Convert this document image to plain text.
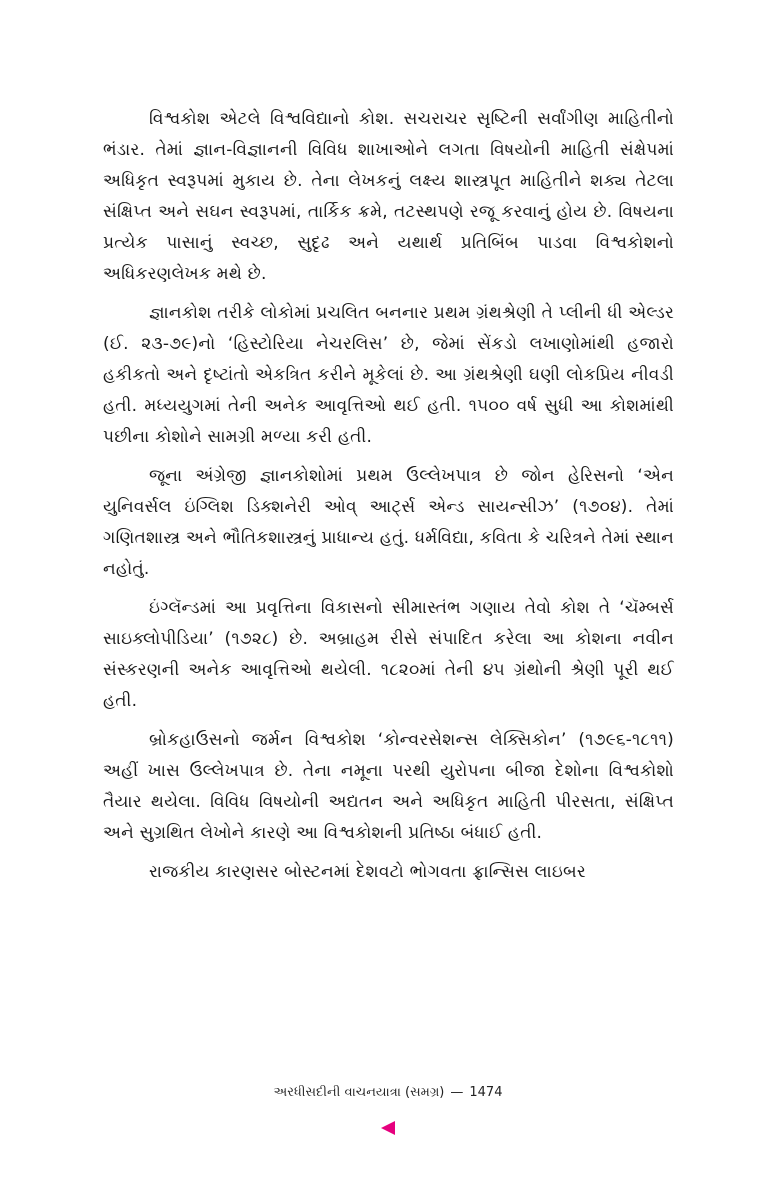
વિશ્વકોશ એટલે વિશ્વવિદ્યાનો કોશ. સચરાચર સૃષ્ટિની સર્વાંગીણ માહિતીનો ભંડાર. તેમાં જ્ઞાન-વિજ્ઞાનની વિવિધ શાખાઓને લગતા વિષયોની માહિતી સંક્ષેપમાં અધિકૃત સ્વરૂપમાં મુકાય છે. તેના લેખકનું લક્ષ્ય શાસ્ત્રપૂત માહિતીને શક્ય તેટલા સંક્ષિપ્ત અને સઘન સ્વરૂપમાં, તાર્કિક ક્રમે, તટસ્થપણે રજૂ કરવાનું હોય છે. વિષયના પ્રત્યેક પાસાનું સ્વચ્છ, સુદૃઢ અને યથાર્થ પ્રતિબિંબ પાડવા વિશ્વકોશનો અધિકરણલેખક મથે છે.

જ્ઞાનકોશ તરીકે લોકોમાં પ્રચલિત બનનાર પ્રથમ ગ્રંથશ્રેણી તે પ્લીની ધી એલ્ડર (ઈ. ૨૩-૭૯)નો ‘હિસ્ટોરિયા નેચરલિસ’ છે, જેમાં સેંકડો લખાણોમાંથી હજારો હકીકતો અને દૃષ્ટાંતો એકત્રિત કરીને મૂકેલાં છે. આ ગ્રંથશ્રેણી ઘણી લોકપ્રિય નીવડી હતી. મધ્યયુગમાં તેની અનેક આવૃત્તિઓ થઈ હતી. ૧૫૦૦ વર્ષ સુધી આ કોશમાંથી પછીના કોશોને સામગ્રી મળ્યા કરી હતી.

જૂના અંગ્રેજી જ્ઞાનકોશોમાં પ્રથમ ઉલ્લેખપાત્ર છે જોન હેરિસનો ‘એન યુનિવર્સલ ઇંગ્લિશ ડિક્શનેરી ઓવ્ આર્ટ્સ એન્ડ સાયન્સીઝ’ (૧૭૦૪). તેમાં ગણિતશાસ્ત્ર અને ભૌતિકશાસ્ત્રનું પ્રાધાન્ય હતું. ધર્મવિદ્યા, કવિતા કે ચરિત્રને તેમાં સ્થાન નહોતું.

ઇંગ્લૅન્ડમાં આ પ્રવૃત્તિના વિકાસનો સીમાસ્તંભ ગણાય તેવો કોશ તે ‘ચૅમ્બર્સ સાઇક્લોપીડિયા’ (૧૭૨૮) છે. અબ્રાહમ રીસે સંપાદિત કરેલા આ કોશના નવીન સંસ્કરણની અનેક આવૃત્તિઓ થયેલી. ૧૮૨૦માં તેની ૪૫ ગ્રંથોની શ્રેણી પૂરી થઈ હતી.

બ્રોકહાઉસનો જર્મન વિશ્વકોશ ‘કોન્વરસેશન્સ લેક્સિકોન’ (૧૭૯૬-૧૮૧૧) અહીં ખાસ ઉલ્લેખપાત્ર છે. તેના નમૂના પરથી યુરોપના બીજા દેશોના વિશ્વકોશો તૈયાર થયેલા. વિવિધ વિષયોની અદ્યતન અને અધિકૃત માહિતી પીરસતા, સંક્ષિપ્ત અને સુગ્રથિત લેખોને કારણે આ વિશ્વકોશની પ્રતિષ્ઠા બંધાઈ હતી.

રાજકીય કારણસર બોસ્ટનમાં દેશવટો ભોગવતા ફ્રાન્સિસ લાઇબર

અરધીસદીની વાચનયાત્રા (સમગ્ર) — 1474
